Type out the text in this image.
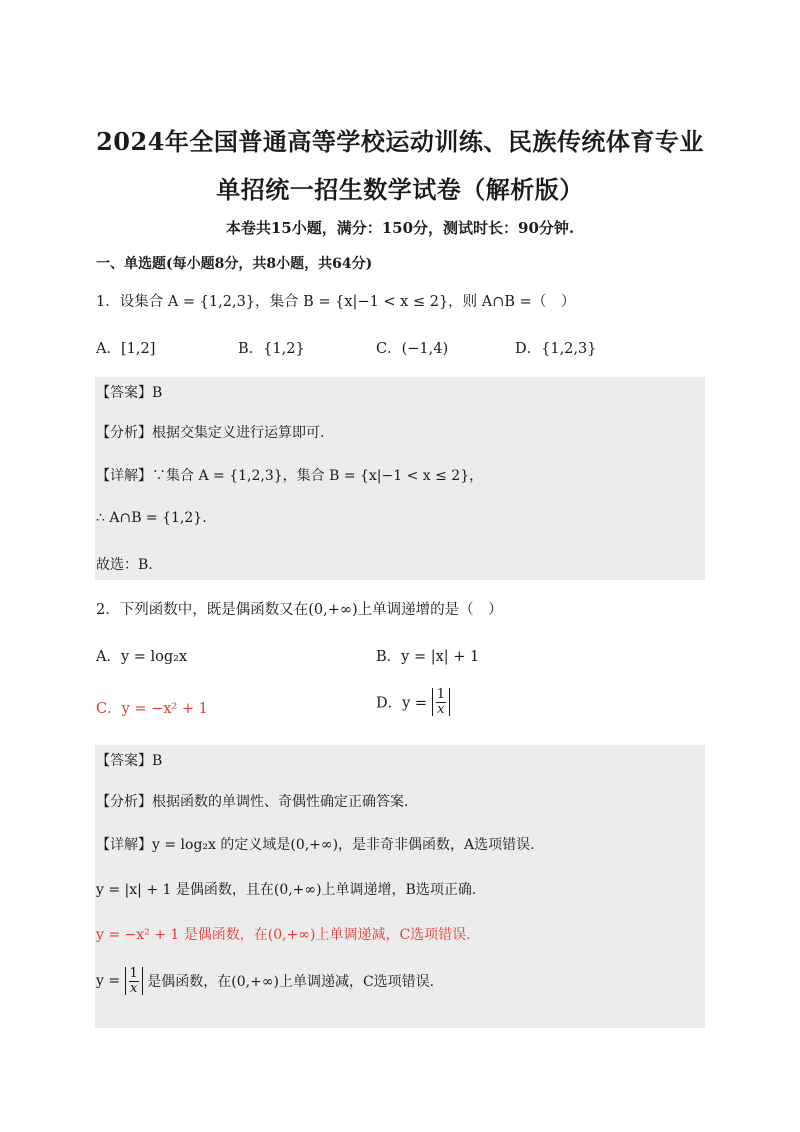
2024年全国普通高等学校运动训练、民族传统体育专业
单招统一招生数学试卷（解析版）
本卷共15小题，满分：150分，测试时长：90分钟.
一、单选题(每小题8分，共8小题，共64分)
1．设集合 A = {1,2,3}，集合 B = {x|−1 < x ≤ 2}，则 A∩B =（　）
A．[1,2]	B．{1,2}	C．(−1,4)	D．{1,2,3}
【答案】B
【分析】根据交集定义进行运算即可.
【详解】∵集合 A = {1,2,3}，集合 B = {x|−1 < x ≤ 2}，
∴ A∩B = {1,2}.
故选：B.
2．下列函数中，既是偶函数又在(0,+∞)上单调递增的是（　）
A．y = log₂x	B．y = |x| + 1
C．y = −x² + 1	D．$y = \frac{1}{x}$
【答案】B
【分析】根据函数的单调性、奇偶性确定正确答案.
【详解】y = log₂x 的定义域是(0,+∞)，是非奇非偶函数，A选项错误.
y = |x| + 1 是偶函数，且在(0,+∞)上单调递增，B选项正确.
y = −x² + 1 是偶函数，在(0,+∞)上单调递减，C选项错误.
$y = \frac{1}{x}$ 是偶函数，在(0,+∞)上单调递减，C选项错误.
